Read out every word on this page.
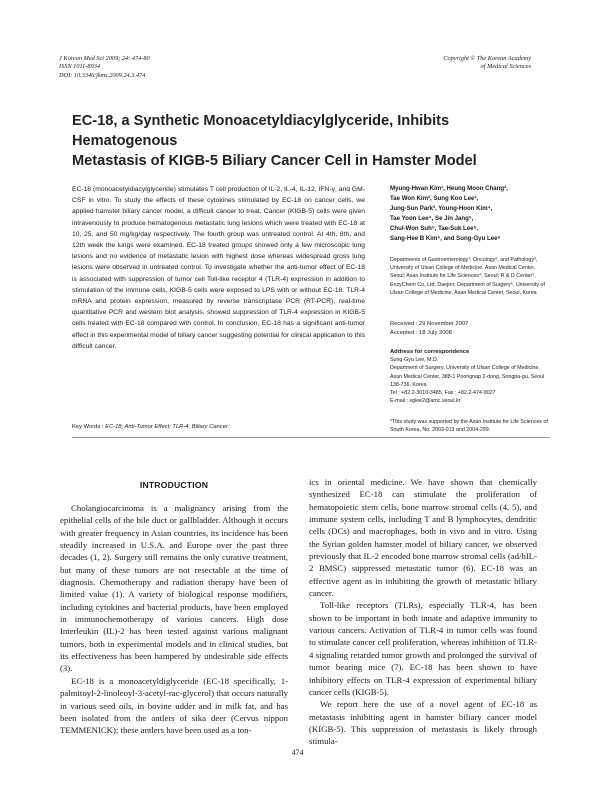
J Korean Med Sci 2009; 24: 474-80
ISSN 1011-8934
DOI: 10.3346/jkms.2009.24.3.474
Copyright © The Korean Academy
of Medical Sciences
EC-18, a Synthetic Monoacetyldiacylglyceride, Inhibits Hematogenous
Metastasis of KIGB-5 Biliary Cancer Cell in Hamster Model
EC-18 (monoacetyldiacylglyceride) stimulates T cell production of IL-2, IL-4, IL-12, IFN-γ, and GM-CSF in vitro. To study the effects of these cytokines stimulated by EC-18 on cancer cells, we applied hamster biliary cancer model, a difficult cancer to treat. Cancer (KIGB-5) cells were given intravenously to produce hematogenous metastatic lung lesions which were treated with EC-18 at 10, 25, and 50 mg/kg/day respectively. The fourth group was untreated control. At 4th, 8th, and 12th week the lungs were examined. EC-18 treated groups showed only a few microscopic lung lesions and no evidence of metastatic lesion with highest dose whereas widespread gross lung lesions were observed in untreated control. To investigate whether the anti-tumor effect of EC-18 is associated with suppression of tumor cell Toll-like receptor 4 (TLR-4) expression in addition to stimulation of the immune cells, KIGB-5 cells were exposed to LPS with or without EC-18. TLR-4 mRNA and protein expression, measured by reverse transcriptase PCR (RT-PCR), real-time quantitative PCR and western blot analysis, showed suppression of TLR-4 expression in KIGB-5 cells treated with EC-18 compared with control. In conclusion, EC-18 has a significant anti-tumor effect in this experimental model of biliary cancer suggesting potential for clinical application to this difficult cancer.
Key Words : EC-18; Anti-Tumor Effect; TLR-4; Biliary Cancer
Myung-Hwan Kim¹, Heung Moon Chang²,
Tae Won Kim², Sung Koo Lee¹,
Jung-Sun Park³, Young-Hoon Kim⁴,
Tae Yoon Lee⁴, Se Jin Jang⁵,
Chul-Won Suh⁵, Tae-Suk Lee⁵,
Sang-Hee B Kim⁵, and Sung-Gyu Lee⁶
Departments of Gastroenterology¹, Oncology², and Pathology³, University of Ulsan College of Medicine, Asan Medical Center, Seoul; Asan Institute for Life Sciences⁴, Seoul; R & D Center⁵, EnzyChem Co, Ltd, Daejon; Department of Surgery⁶, University of Ulsan College of Medicine, Asan Medical Center, Seoul, Korea
Received : 29 November 2007
Accepted : 18 July 2008
Address for correspondence
Sung-Gyu Lee, M.D.
Department of Surgery, University of Ulsan College of Medicine, Asan Medical Center, 388-1 Poongnap 2-dong, Songpa-gu, Seoul 138-736, Korea
Tel : +82.2-3010-3485, Fax : +82.2-474-9027
E-mail : sglee2@amc.seoul.kr
*This study was supported by the Asan Institute for Life Sciences of South Korea, No. 2003-013 and 2004-299.
INTRODUCTION

Cholangiocarcinoma is a malignancy arising from the epithelial cells of the bile duct or gallbladder. Although it occurs with greater frequency in Asian countries, its incidence has been steadily increased in U.S.A. and Europe over the past three decades (1, 2). Surgery still remains the only curative treatment, but many of these tumors are not resectable at the time of diagnosis. Chemotherapy and radiation therapy have been of limited value (1). A variety of biological response modifiers, including cytokines and bacterial products, have been employed in immunochemotherapy of various cancers. High dose Interleukin (IL)-2 has been tested against various malignant tumors, both in experimental models and in clinical studies, but its effectiveness has been hampered by undesirable side effects (3).

EC-18 is a monoacetyldiglyceride (EC-18 specifically, 1-palmitoyl-2-linoleoyl-3-acetyl-rac-glycerol) that occurs naturally in various seed oils, in bovine udder and in milk fat, and has been isolated from the antlers of sika deer (Cervus nippon TEMMENICK); these antlers have been used as a ton-

ics in oriental medicine. We have shown that chemically synthesized EC-18 can stimulate the proliferation of hematopoietic stem cells, bone marrow stromal cells (4, 5), and immune system cells, including T and B lymphocytes, dendritic cells (DCs) and macrophages, both in vivo and in vitro. Using the Syrian golden hamster model of biliary cancer, we observed previously that IL-2 encoded bone marrow stromal cells (ad/hIL-2 BMSC) suppressed metastatic tumor (6). EC-18 was an effective agent as in inhibiting the growth of metastatic biliary cancer.

Toll-like receptors (TLRs), especially TLR-4, has been shown to be important in both innate and adaptive immunity to various cancers. Activation of TLR-4 in tumor cells was found to stimulate cancer cell proliferation, whereas inhibition of TLR-4 signaling retarded tumor growth and prolonged the survival of tumor bearing mice (7). EC-18 has been shown to have inhibitory effects on TLR-4 expression of experimental biliary cancer cells (KIGB-5).

We report here the use of a novel agent of EC-18 as metastasis inhibiting agent in hamster biliary cancer model (KIGB-5). This suppression of metastasis is likely through stimula-

474
